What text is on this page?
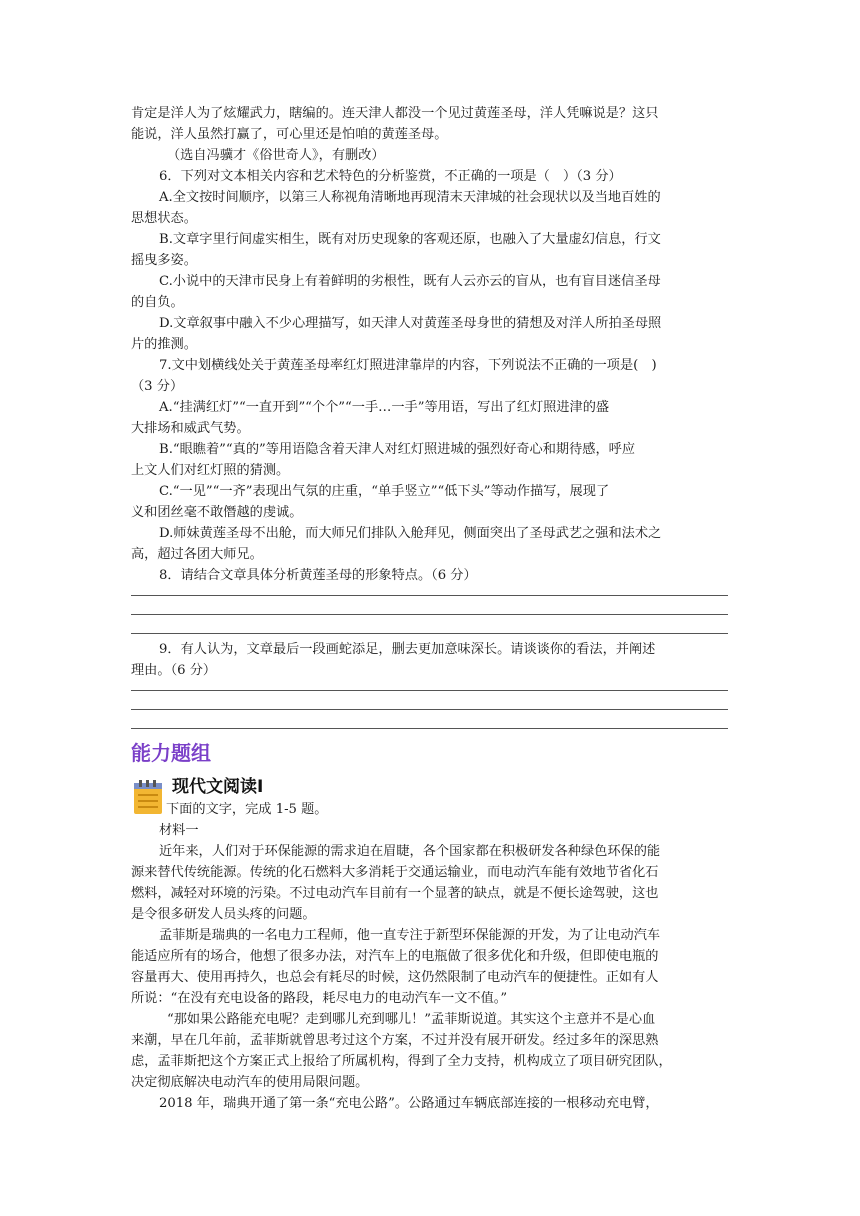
肯定是洋人为了炫耀武力，瞎编的。连天津人都没一个见过黄莲圣母，洋人凭嘛说是？这只
能说，洋人虽然打赢了，可心里还是怕咱的黄莲圣母。
（选自冯骥才《俗世奇人》，有删改）
6．下列对文本相关内容和艺术特色的分析鉴赏，不正确的一项是（　）（3 分）
A.全文按时间顺序，以第三人称视角清晰地再现清末天津城的社会现状以及当地百姓的
思想状态。
B.文章字里行间虚实相生，既有对历史现象的客观还原，也融入了大量虚幻信息，行文
摇曳多姿。
C.小说中的天津市民身上有着鲜明的劣根性，既有人云亦云的盲从，也有盲目迷信圣母
的自负。
D.文章叙事中融入不少心理描写，如天津人对黄莲圣母身世的猜想及对洋人所拍圣母照
片的推测。
7.文中划横线处关于黄莲圣母率红灯照进津靠岸的内容，下列说法不正确的一项是(　)
（3 分）
A.“挂满红灯”“一直开到”“个个”“一手…一手”等用语，写出了红灯照进津的盛
大排场和威武气势。
B.“眼瞧着”“真的”等用语隐含着天津人对红灯照进城的强烈好奇心和期待感，呼应
上文人们对红灯照的猜测。
C.“一见”“一齐”表现出气氛的庄重，“单手竖立”“低下头”等动作描写，展现了
义和团丝毫不敢僭越的虔诚。
D.师妹黄莲圣母不出舱，而大师兄们排队入舱拜见，侧面突出了圣母武艺之强和法术之
高，超过各团大师兄。
8．请结合文章具体分析黄莲圣母的形象特点。（6 分）
9．有人认为，文章最后一段画蛇添足，删去更加意味深长。请谈谈你的看法，并阐述
理由。（6 分）
能力题组
现代文阅读Ⅰ
下面的文字，完成 1-5 题。
材料一
近年来，人们对于环保能源的需求迫在眉睫，各个国家都在积极研发各种绿色环保的能
源来替代传统能源。传统的化石燃料大多消耗于交通运输业，而电动汽车能有效地节省化石
燃料，减轻对环境的污染。不过电动汽车目前有一个显著的缺点，就是不便长途驾驶，这也
是令很多研发人员头疼的问题。
孟菲斯是瑞典的一名电力工程师，他一直专注于新型环保能源的开发，为了让电动汽车
能适应所有的场合，他想了很多办法，对汽车上的电瓶做了很多优化和升级，但即使电瓶的
容量再大、使用再持久，也总会有耗尽的时候，这仍然限制了电动汽车的便捷性。正如有人
所说：“在没有充电设备的路段，耗尽电力的电动汽车一文不值。”
“那如果公路能充电呢？走到哪儿充到哪儿！”孟菲斯说道。其实这个主意并不是心血
来潮，早在几年前，孟菲斯就曾思考过这个方案，不过并没有展开研发。经过多年的深思熟
虑，孟菲斯把这个方案正式上报给了所属机构，得到了全力支持，机构成立了项目研究团队，
决定彻底解决电动汽车的使用局限问题。
2018 年，瑞典开通了第一条“充电公路”。公路通过车辆底部连接的一根移动充电臂，
